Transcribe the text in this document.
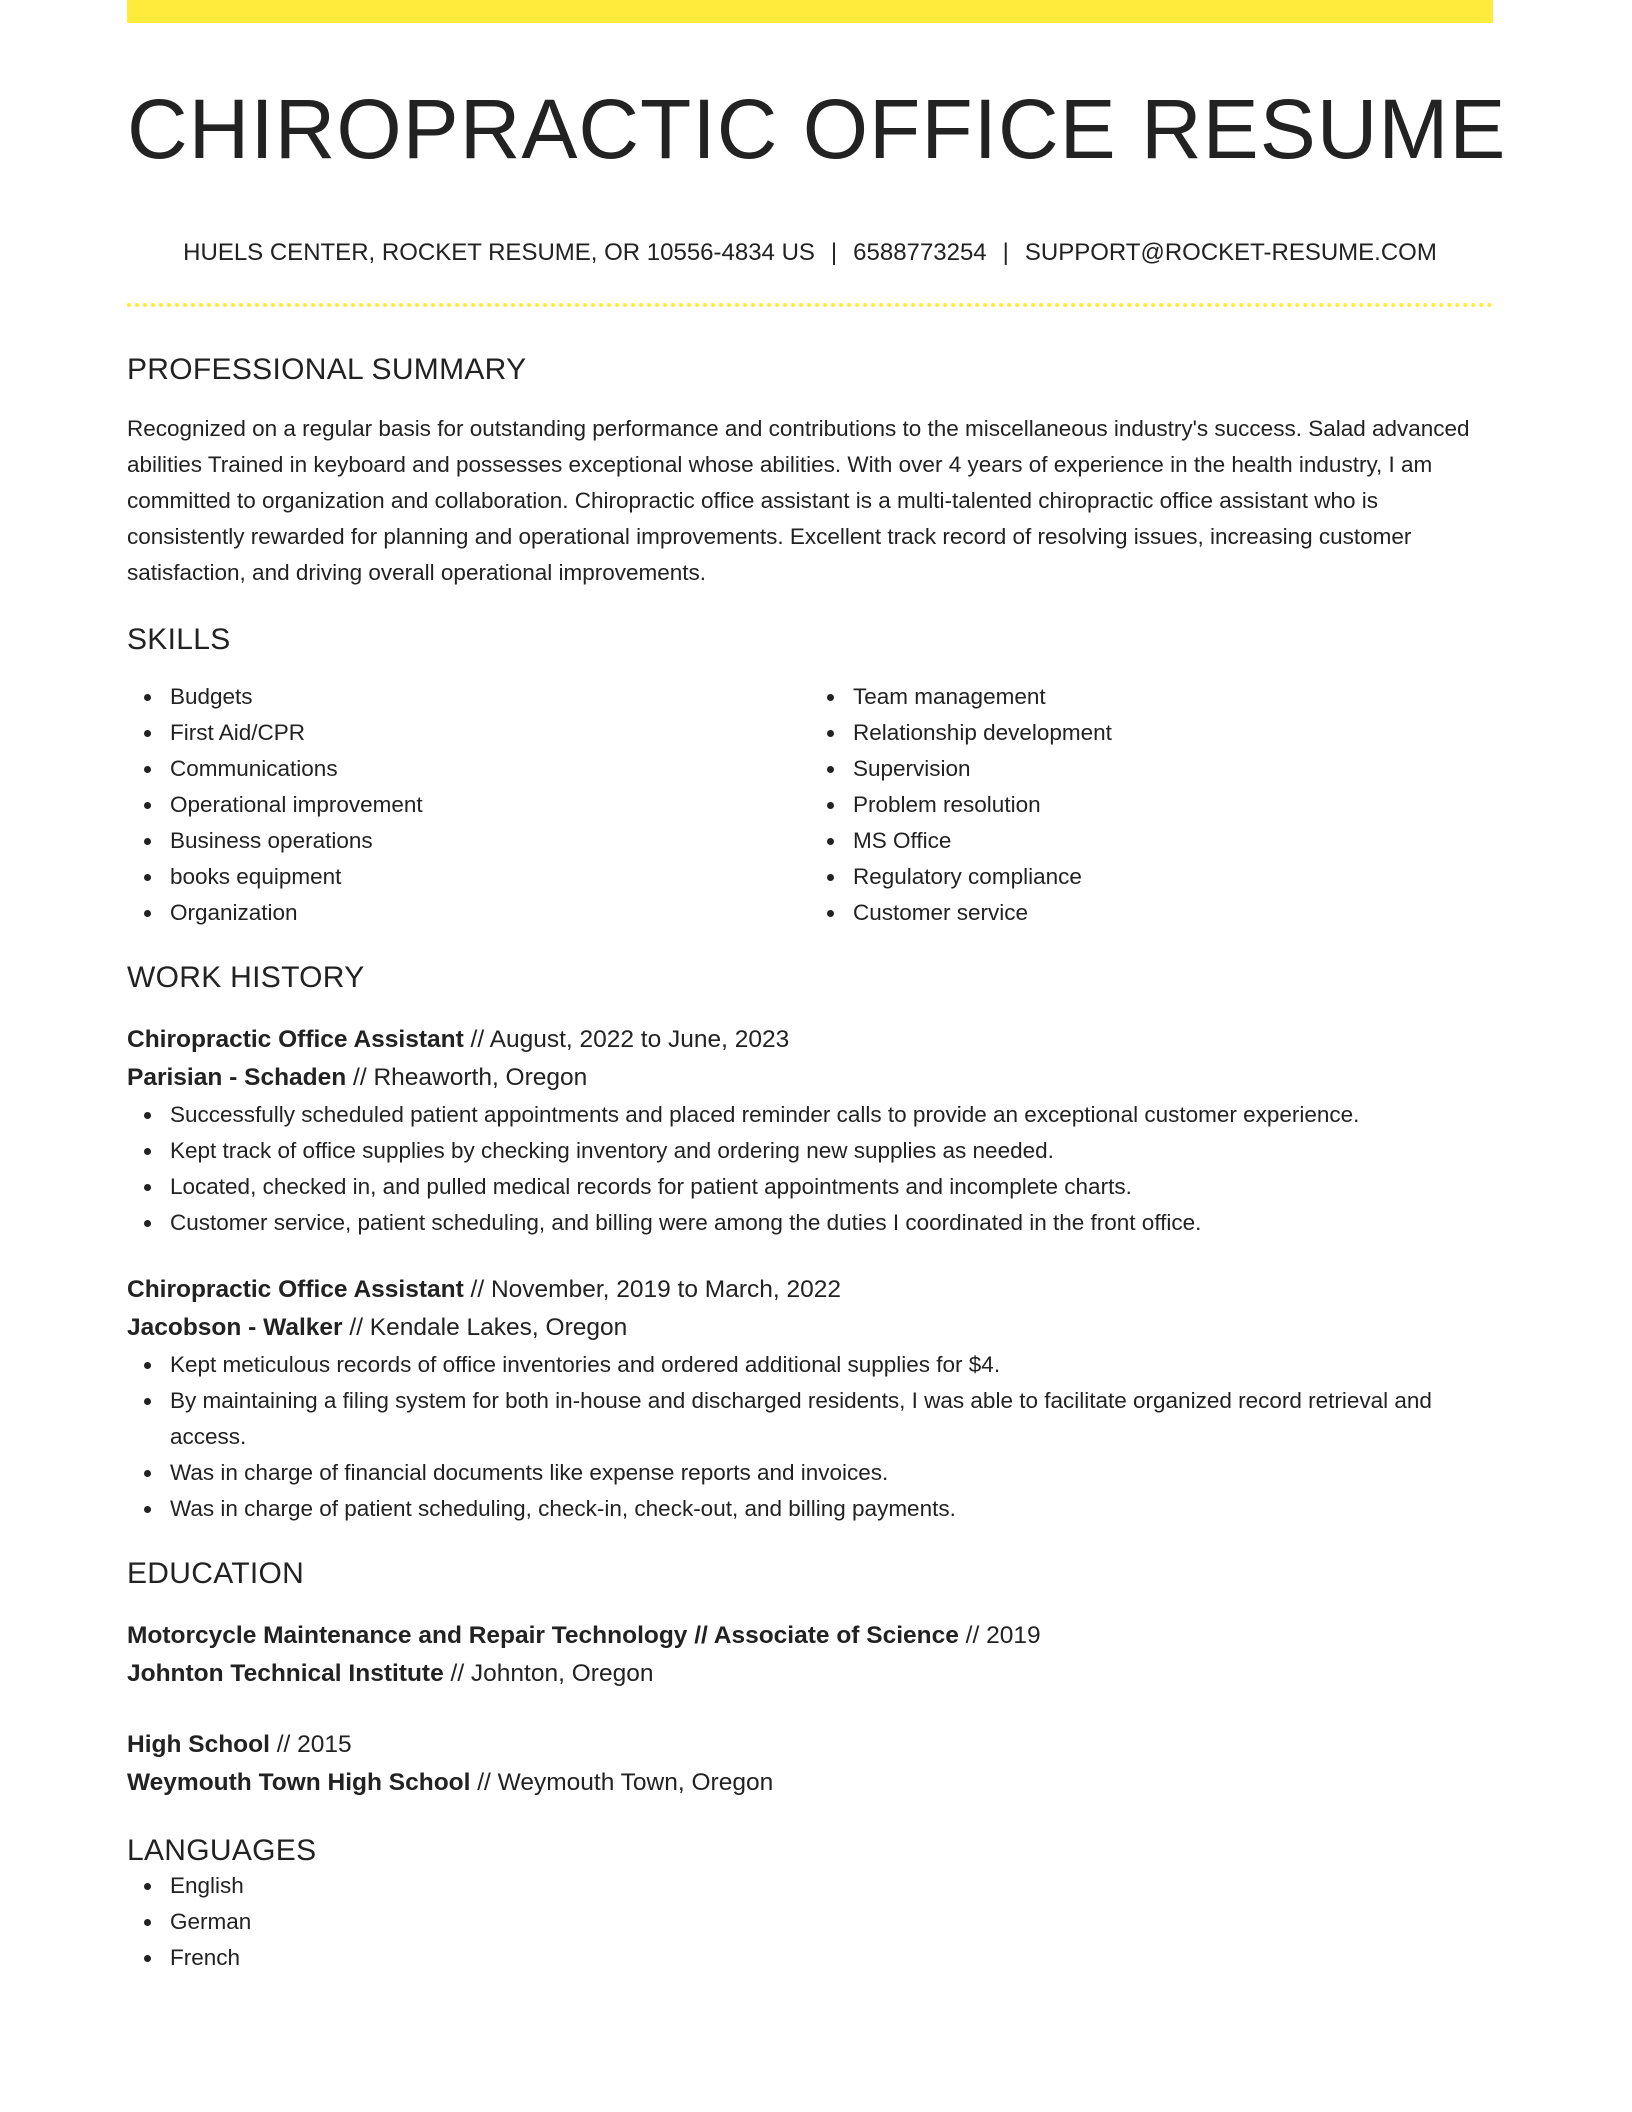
CHIROPRACTIC OFFICE RESUME
HUELS CENTER, ROCKET RESUME, OR 10556-4834 US | 6588773254 | SUPPORT@ROCKET-RESUME.COM
PROFESSIONAL SUMMARY
Recognized on a regular basis for outstanding performance and contributions to the miscellaneous industry's success. Salad advanced abilities Trained in keyboard and possesses exceptional whose abilities. With over 4 years of experience in the health industry, I am committed to organization and collaboration. Chiropractic office assistant is a multi-talented chiropractic office assistant who is consistently rewarded for planning and operational improvements. Excellent track record of resolving issues, increasing customer satisfaction, and driving overall operational improvements.
SKILLS
Budgets
First Aid/CPR
Communications
Operational improvement
Business operations
books equipment
Organization
Team management
Relationship development
Supervision
Problem resolution
MS Office
Regulatory compliance
Customer service
WORK HISTORY
Chiropractic Office Assistant // August, 2022 to June, 2023
Parisian - Schaden // Rheaworth, Oregon
Successfully scheduled patient appointments and placed reminder calls to provide an exceptional customer experience.
Kept track of office supplies by checking inventory and ordering new supplies as needed.
Located, checked in, and pulled medical records for patient appointments and incomplete charts.
Customer service, patient scheduling, and billing were among the duties I coordinated in the front office.
Chiropractic Office Assistant // November, 2019 to March, 2022
Jacobson - Walker // Kendale Lakes, Oregon
Kept meticulous records of office inventories and ordered additional supplies for $4.
By maintaining a filing system for both in-house and discharged residents, I was able to facilitate organized record retrieval and access.
Was in charge of financial documents like expense reports and invoices.
Was in charge of patient scheduling, check-in, check-out, and billing payments.
EDUCATION
Motorcycle Maintenance and Repair Technology // Associate of Science // 2019
Johnton Technical Institute // Johnton, Oregon
High School // 2015
Weymouth Town High School // Weymouth Town, Oregon
LANGUAGES
English
German
French
